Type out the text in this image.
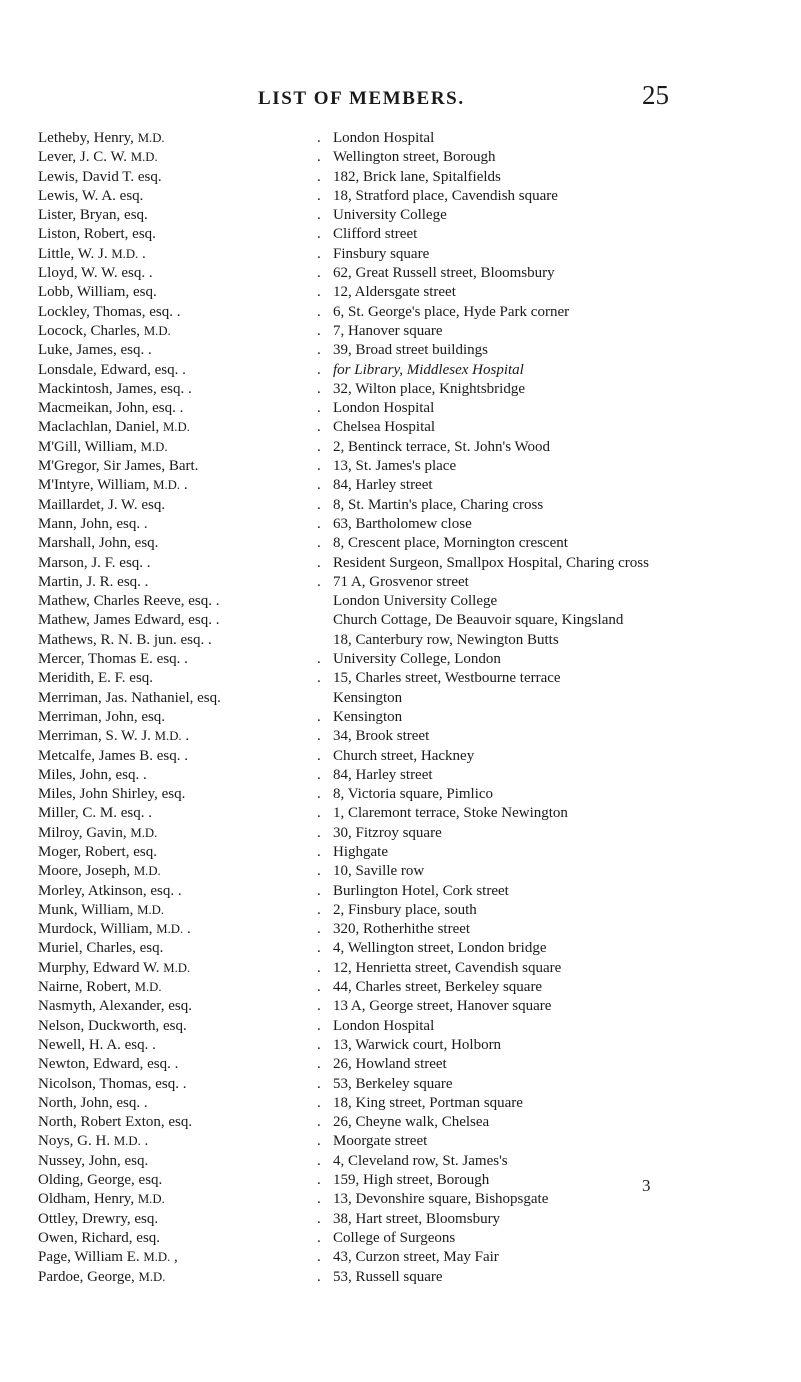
LIST OF MEMBERS.	25
Letheby, Henry, M.D.	. London Hospital
Lever, J. C. W. M.D.	. Wellington street, Borough
Lewis, David T. esq.	. 182, Brick lane, Spitalfields
Lewis, W. A. esq.	. 18, Stratford place, Cavendish square
Lister, Bryan, esq.	. University College
Liston, Robert, esq.	. Clifford street
Little, W. J. M.D. .	. Finsbury square
Lloyd, W. W. esq. .	. 62, Great Russell street, Bloomsbury
Lobb, William, esq.	. 12, Aldersgate street
Lockley, Thomas, esq. .	. 6, St. George's place, Hyde Park corner
Locock, Charles, M.D.	. 7, Hanover square
Luke, James, esq. .	. 39, Broad street buildings
Lonsdale, Edward, esq. .	. for Library, Middlesex Hospital
Mackintosh, James, esq. .	. 32, Wilton place, Knightsbridge
Macmeikan, John, esq. .	. London Hospital
Maclachlan, Daniel, M.D.	. Chelsea Hospital
M'Gill, William, M.D.	. 2, Bentinck terrace, St. John's Wood
M'Gregor, Sir James, Bart.	. 13, St. James's place
M'Intyre, William, M.D. .	. 84, Harley street
Maillardet, J. W. esq.	. 8, St. Martin's place, Charing cross
Mann, John, esq. .	. 63, Bartholomew close
Marshall, John, esq.	. 8, Crescent place, Mornington crescent
Marson, J. F. esq. .	. Resident Surgeon, Smallpox Hospital, Charing cross
Martin, J. R. esq. .	. 71 A, Grosvenor street
Mathew, Charles Reeve, esq. .	London University College
Mathew, James Edward, esq. .	Church Cottage, De Beauvoir square, Kingsland
Mathews, R. N. B. jun. esq. .	18, Canterbury row, Newington Butts
Mercer, Thomas E. esq. .	. University College, London
Meridith, E. F. esq.	. 15, Charles street, Westbourne terrace
Merriman, Jas. Nathaniel, esq.	Kensington
Merriman, John, esq.	. Kensington
Merriman, S. W. J. M.D. .	. 34, Brook street
Metcalfe, James B. esq. .	. Church street, Hackney
Miles, John, esq. .	. 84, Harley street
Miles, John Shirley, esq.	. 8, Victoria square, Pimlico
Miller, C. M. esq. .	. 1, Claremont terrace, Stoke Newington
Milroy, Gavin, M.D.	. 30, Fitzroy square
Moger, Robert, esq.	. Highgate
Moore, Joseph, M.D.	. 10, Saville row
Morley, Atkinson, esq. .	. Burlington Hotel, Cork street
Munk, William, M.D.	. 2, Finsbury place, south
Murdock, William, M.D. .	. 320, Rotherhithe street
Muriel, Charles, esq.	. 4, Wellington street, London bridge
Murphy, Edward W. M.D.	. 12, Henrietta street, Cavendish square
Nairne, Robert, M.D.	. 44, Charles street, Berkeley square
Nasmyth, Alexander, esq.	. 13 A, George street, Hanover square
Nelson, Duckworth, esq.	. London Hospital
Newell, H. A. esq. .	. 13, Warwick court, Holborn
Newton, Edward, esq. .	. 26, Howland street
Nicolson, Thomas, esq. .	. 53, Berkeley square
North, John, esq. .	. 18, King street, Portman square
North, Robert Exton, esq.	. 26, Cheyne walk, Chelsea
Noys, G. H. M.D. .	. Moorgate street
Nussey, John, esq.	. 4, Cleveland row, St. James's
Olding, George, esq.	. 159, High street, Borough
Oldham, Henry, M.D.	. 13, Devonshire square, Bishopsgate
Ottley, Drewry, esq.	. 38, Hart street, Bloomsbury
Owen, Richard, esq.	. College of Surgeons
Page, William E. M.D. ,	. 43, Curzon street, May Fair
Pardoe, George, M.D.	. 53, Russell square
3
